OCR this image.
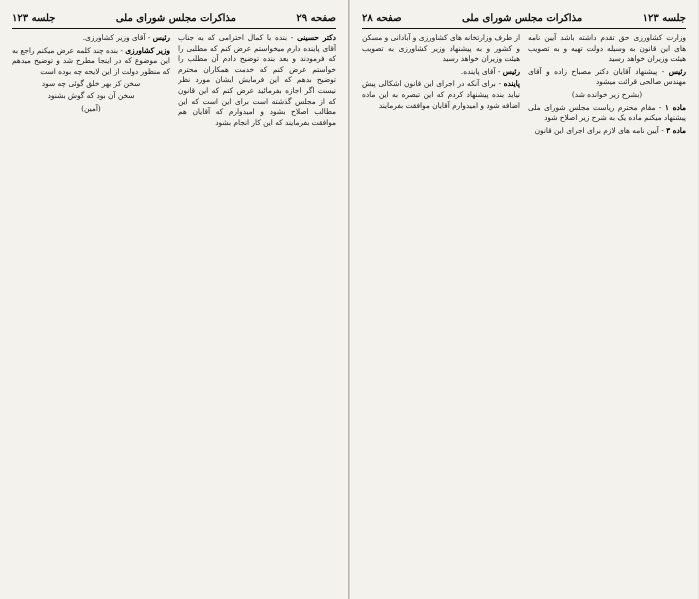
صفحه ۲۹
مذاکرات مجلس شورای ملی
جلسه ۱۲۳

دکتر حسینی - بنده با کمال احترامی که به جناب آقای پاینده دارم میخواستم عرض کنم که مطلبی را که فرمودند و بعد بنده توضیح دادم آن مطلب را خواستم عرض کنم که خدمت همکاران محترم توضیح بدهم که این فرمایش ایشان مورد نظر نیست اگر اجازه بفرمائید عرض کنم که این قانون که از مجلس گذشته است برای این است که این مطالب اصلاح بشود و امیدوارم که آقایان هم موافقت بفرمایند که این کار انجام بشود

رئیس - آقای وزیر کشاورزی.

وزیر کشاورزی - بنده چند کلمه عرض میکنم راجع به این موضوع که در اینجا مطرح شد و توضیح میدهم که منظور دولت از این لایحه چه بوده است

سخن کز بهر خلق گوئی چه سود
سخن آن بود که گوش بشنود
(آمین)
جلسه ۱۲۳
مذاکرات مجلس شورای ملی
صفحه ۲۸

وزارت کشاورزی حق تقدم داشته باشد آیین نامه های این قانون به وسیله دولت تهیه و به تصویب هیئت وزیران خواهد رسید

رئیس - پیشنهاد آقایان دکتر مصباح زاده و آقای مهندس صالحی قرائت میشود

(بشرح زیر خوانده شد)

ماده ۱ - مقام محترم ریاست مجلس شورای ملی پیشنهاد میکنم ماده یک به شرح زیر اصلاح شود

ماده ۳ - آیین نامه های لازم برای اجرای این قانون

از طرف وزارتخانه های کشاورزی و آبادانی و مسکن و کشور و به پیشنهاد وزیر کشاورزی به تصویب هیئت وزیران خواهد رسید

رئیس - آقای پاینده.

پاینده - برای آنکه در اجرای این قانون اشکالی پیش نیاید بنده پیشنهاد کردم که این تبصره به این ماده اضافه شود و امیدوارم آقایان موافقت بفرمایند
